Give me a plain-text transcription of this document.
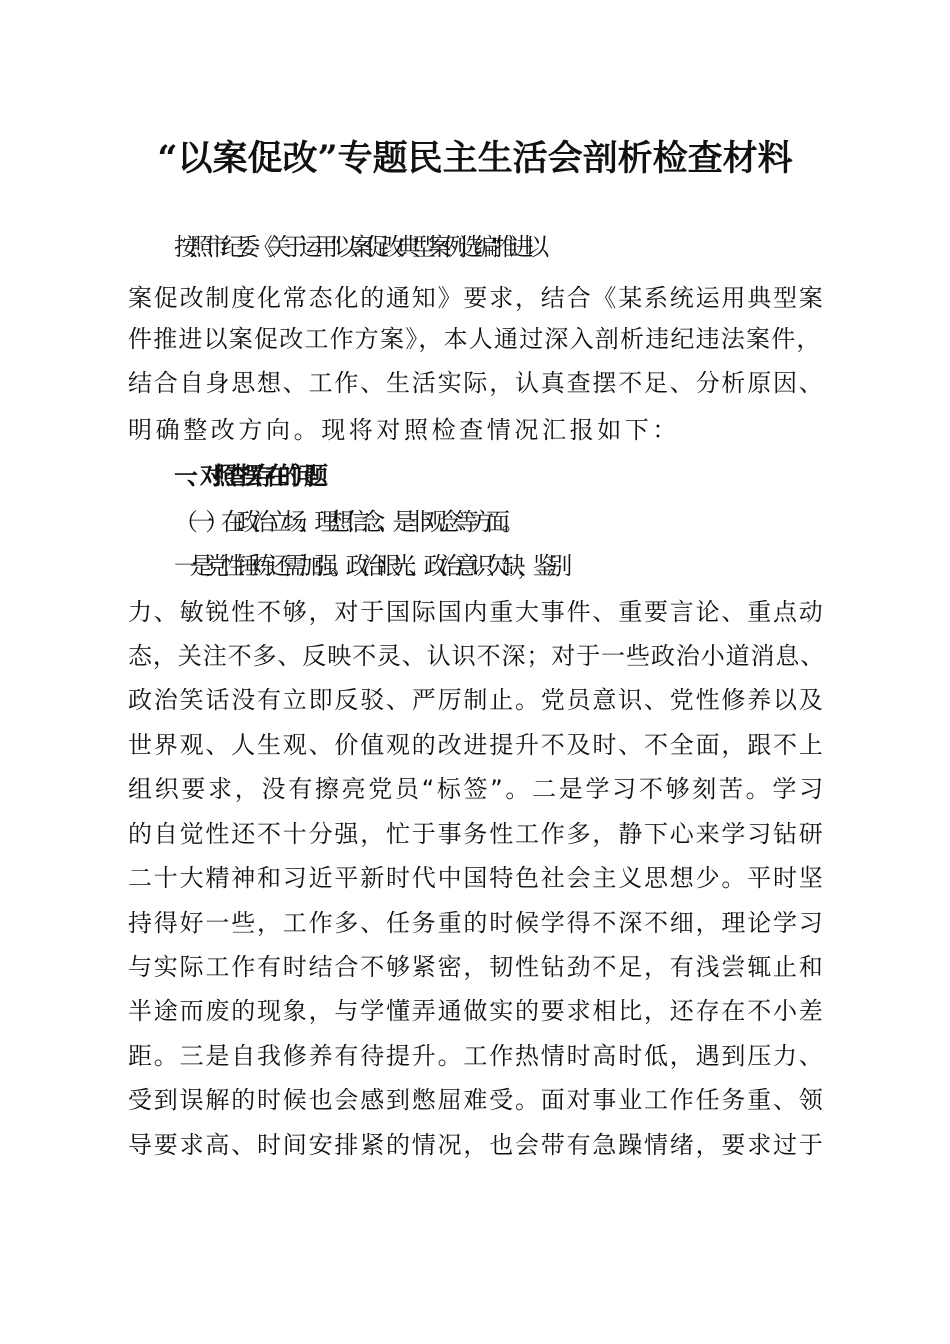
“以案促改”专题民主生活会剖析检查材料
按照市纪委《关于运用“以案促改典型案例选编”推进以
案促改制度化常态化的通知》要求，结合《某系统运用典型案
件推进以案促改工作方案》，本人通过深入剖析违纪违法案件，
结合自身思想、工作、生活实际，认真查摆不足、分析原因、
明确整改方向。现将对照检查情况汇报如下：
一、对照查摆存在的问题
（一）在政治立场、理想信念、是非观念等方面。
一是党性锤炼还需加强。政治眼光、政治意识欠缺，鉴别
力、敏锐性不够，对于国际国内重大事件、重要言论、重点动
态，关注不多、反映不灵、认识不深；对于一些政治小道消息、
政治笑话没有立即反驳、严厉制止。党员意识、党性修养以及
世界观、人生观、价值观的改进提升不及时、不全面，跟不上
组织要求，没有擦亮党员“标签”。二是学习不够刻苦。学习
的自觉性还不十分强，忙于事务性工作多，静下心来学习钻研
二十大精神和习近平新时代中国特色社会主义思想少。平时坚
持得好一些，工作多、任务重的时候学得不深不细，理论学习
与实际工作有时结合不够紧密，韧性钻劲不足，有浅尝辄止和
半途而废的现象，与学懂弄通做实的要求相比，还存在不小差
距。三是自我修养有待提升。工作热情时高时低，遇到压力、
受到误解的时候也会感到憋屈难受。面对事业工作任务重、领
导要求高、时间安排紧的情况，也会带有急躁情绪，要求过于
